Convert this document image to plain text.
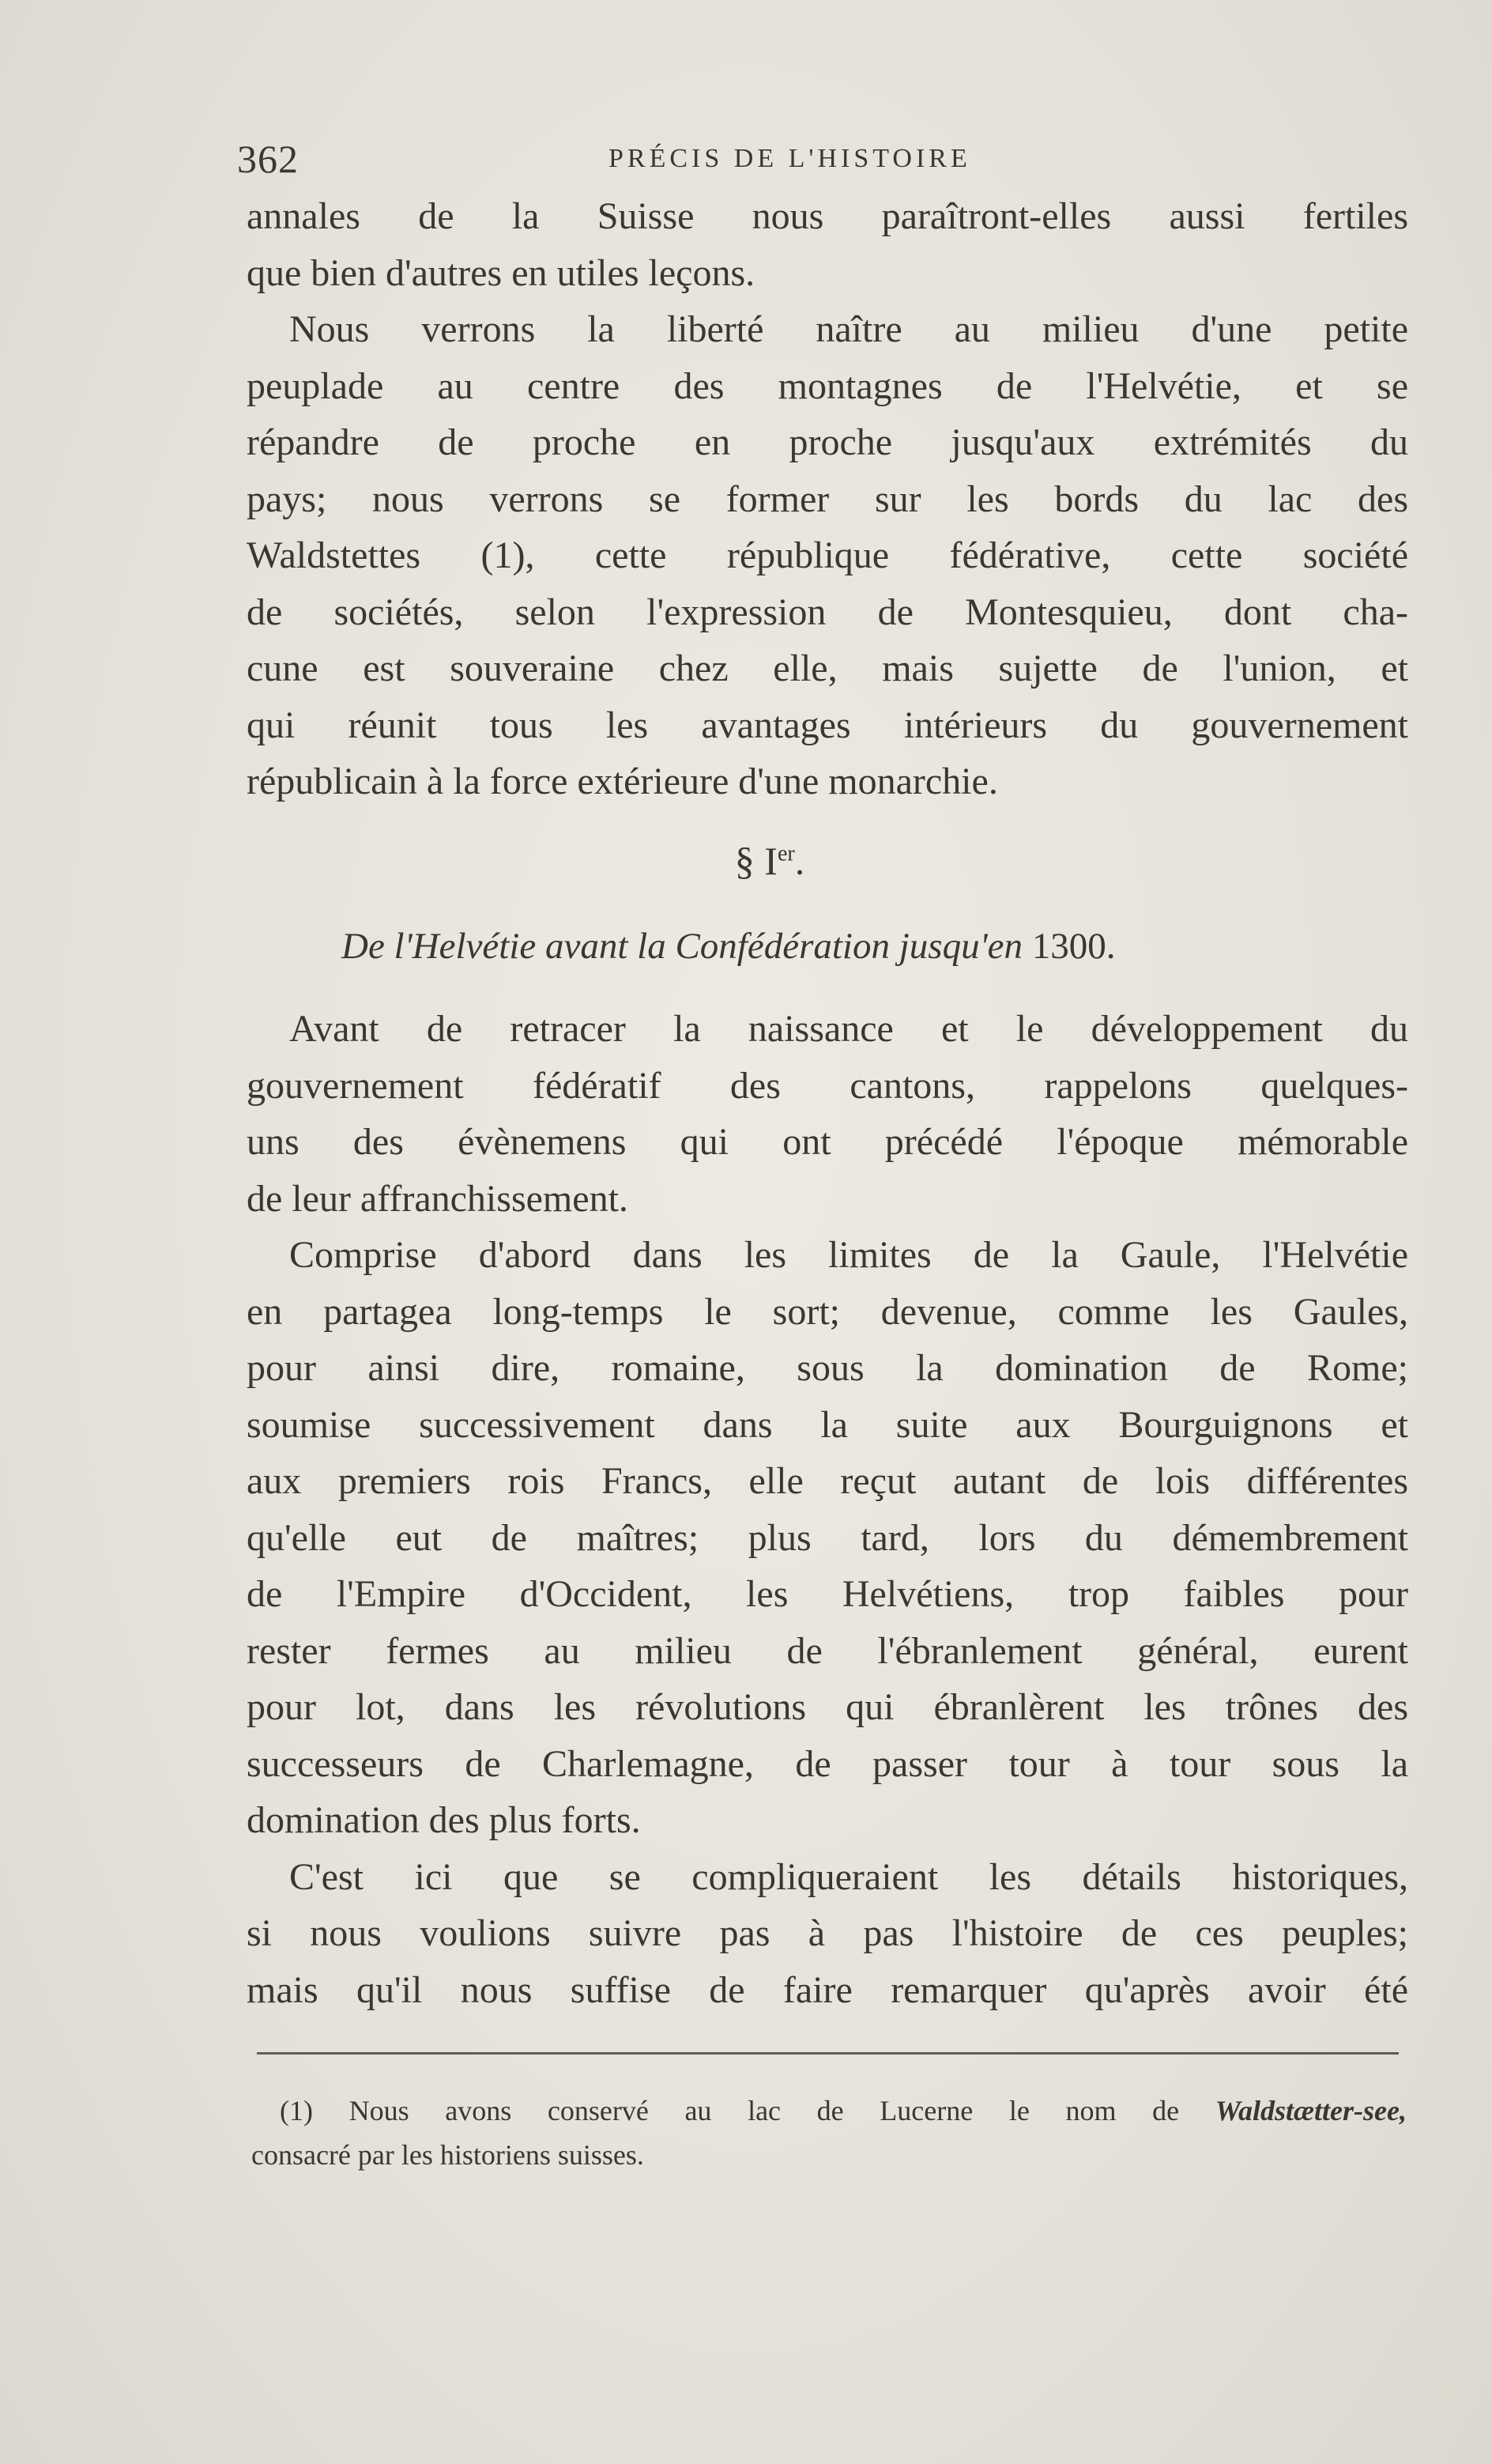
362	PRÉCIS DE L'HISTOIRE
annales de la Suisse nous paraîtront-elles aussi fertiles
que bien d'autres en utiles leçons.
Nous verrons la liberté naître au milieu d'une petite
peuplade au centre des montagnes de l'Helvétie, et se
répandre de proche en proche jusqu'aux extrémités du
pays; nous verrons se former sur les bords du lac des
Waldstettes (1), cette république fédérative, cette société
de sociétés, selon l'expression de Montesquieu, dont cha-
cune est souveraine chez elle, mais sujette de l'union, et
qui réunit tous les avantages intérieurs du gouvernement
républicain à la force extérieure d'une monarchie.
§ Ier.
De l'Helvétie avant la Confédération jusqu'en 1300.
Avant de retracer la naissance et le développement du
gouvernement fédératif des cantons, rappelons quelques-
uns des évènemens qui ont précédé l'époque mémorable
de leur affranchissement.
Comprise d'abord dans les limites de la Gaule, l'Helvétie
en partagea long-temps le sort; devenue, comme les Gaules,
pour ainsi dire, romaine, sous la domination de Rome;
soumise successivement dans la suite aux Bourguignons et
aux premiers rois Francs, elle reçut autant de lois différentes
qu'elle eut de maîtres; plus tard, lors du démembrement
de l'Empire d'Occident, les Helvétiens, trop faibles pour
rester fermes au milieu de l'ébranlement général, eurent
pour lot, dans les révolutions qui ébranlèrent les trônes des
successeurs de Charlemagne, de passer tour à tour sous la
domination des plus forts.
C'est ici que se compliqueraient les détails historiques,
si nous voulions suivre pas à pas l'histoire de ces peuples;
mais qu'il nous suffise de faire remarquer qu'après avoir été
(1) Nous avons conservé au lac de Lucerne le nom de Waldstætter-see,
consacré par les historiens suisses.
